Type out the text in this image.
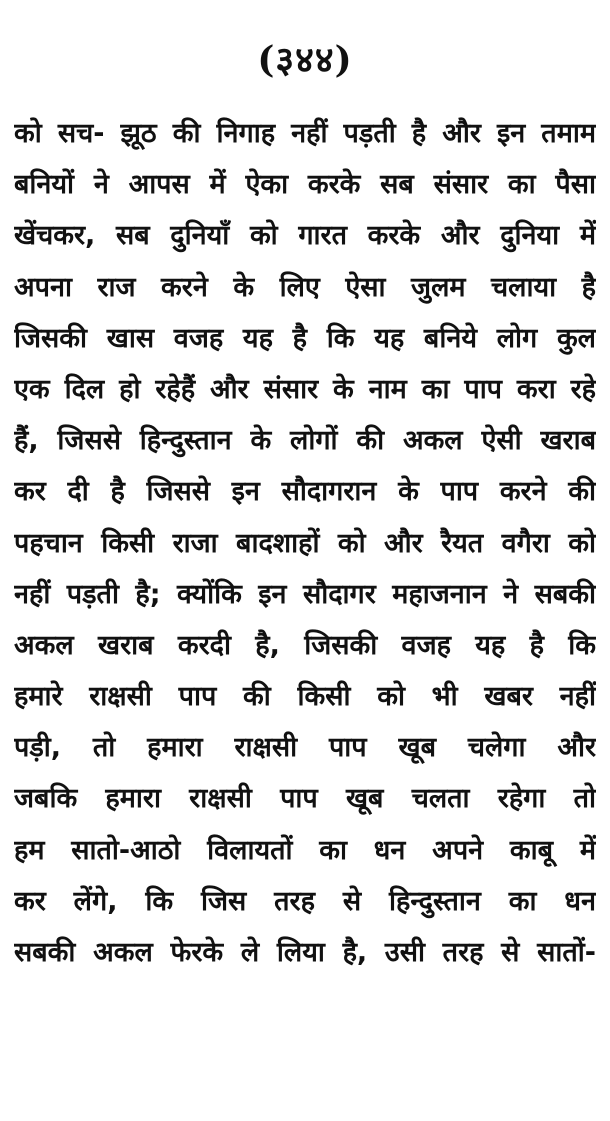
(३४४)
को सच- झूठ की निगाह नहीं पड़ती है और इन तमाम
बनियों ने आपस में ऐका करके सब संसार का पैसा
खेंचकर, सब दुनियाँ को गारत करके और दुनिया में
अपना राज करने के लिए ऐसा जुलम चलाया है
जिसकी खास वजह यह है कि यह बनिये लोग कुल
एक दिल हो रहेहैं और संसार के नाम का पाप करा रहे
हैं, जिससे हिन्दुस्तान के लोगों की अकल ऐसी खराब
कर दी है जिससे इन सौदागरान के पाप करने की
पहचान किसी राजा बादशाहों को और रैयत वगैरा को
नहीं पड़ती है; क्योंकि इन सौदागर महाजनान ने सबकी
अकल खराब करदी है, जिसकी वजह यह है कि
हमारे राक्षसी पाप की किसी को भी खबर नहीं
पड़ी, तो हमारा राक्षसी पाप खूब चलेगा और
जबकि हमारा राक्षसी पाप खूब चलता रहेगा तो
हम सातो-आठो विलायतों का धन अपने काबू में
कर लेंगे, कि जिस तरह से हिन्दुस्तान का धन
सबकी अकल फेरके ले लिया है, उसी तरह से सातों-
